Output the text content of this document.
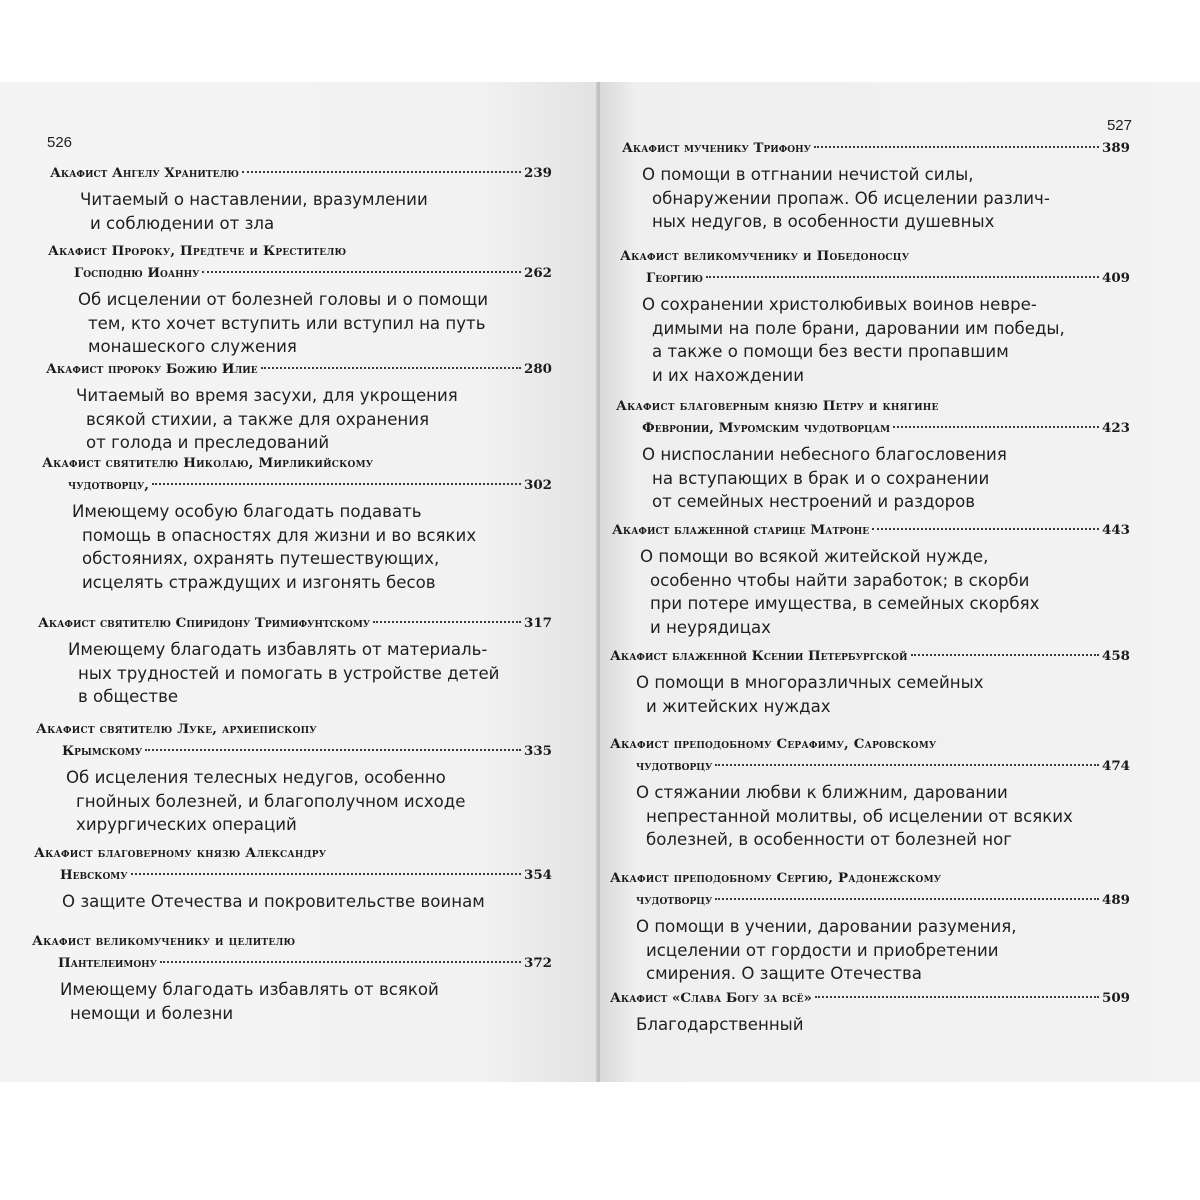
526
Акафист Ангелу Хранителю	239
Читаемый о наставлении, вразумлении
и соблюдении от зла
Акафист Пророку, Предтече и Крестителю
Господню Иоанну	262
Об исцелении от болезней головы и о помощи
тем, кто хочет вступить или вступил на путь
монашеского служения
Акафист пророку Божию Илие	280
Читаемый во время засухи, для укрощения
всякой стихии, а также для охранения
от голода и преследований
Акафист святителю Николаю, Мирликийскому
чудотворцу,	302
Имеющему особую благодать подавать
помощь в опасностях для жизни и во всяких
обстояниях, охранять путешествующих,
исцелять страждущих и изгонять бесов
Акафист святителю Спиридону Тримифунтскому	317
Имеющему благодать избавлять от материаль-
ных трудностей и помогать в устройстве детей
в обществе
Акафист святителю Луке, архиепископу
Крымскому	335
Об исцеления телесных недугов, особенно
гнойных болезней, и благополучном исходе
хирургических операций
Акафист благоверному князю Александру
Невскому	354
О защите Отечества и покровительстве воинам
Акафист великомученику и целителю
Пантелеимону	372
Имеющему благодать избавлять от всякой
немощи и болезни
527
Акафист мученику Трифону	389
О помощи в отгнании нечистой силы,
обнаружении пропаж. Об исцелении различ-
ных недугов, в особенности душевных
Акафист великомученику и Победоносцу
Георгию	409
О сохранении христолюбивых воинов невре-
димыми на поле брани, даровании им победы,
а также о помощи без вести пропавшим
и их нахождении
Акафист благоверным князю Петру и княгине
Февронии, Муромским чудотворцам	423
О ниспослании небесного благословения
на вступающих в брак и о сохранении
от семейных нестроений и раздоров
Акафист блаженной старице Матроне	443
О помощи во всякой житейской нужде,
особенно чтобы найти заработок; в скорби
при потере имущества, в семейных скорбях
и неурядицах
Акафист блаженной Ксении Петербургской	458
О помощи в многоразличных семейных
и житейских нуждах
Акафист преподобному Серафиму, Саровскому
чудотворцу	474
О стяжании любви к ближним, даровании
непрестанной молитвы, об исцелении от всяких
болезней, в особенности от болезней ног
Акафист преподобному Сергию, Радонежскому
чудотворцу	489
О помощи в учении, даровании разумения,
исцелении от гордости и приобретении
смирения. О защите Отечества
Акафист «Слава Богу за всё»	509
Благодарственный
